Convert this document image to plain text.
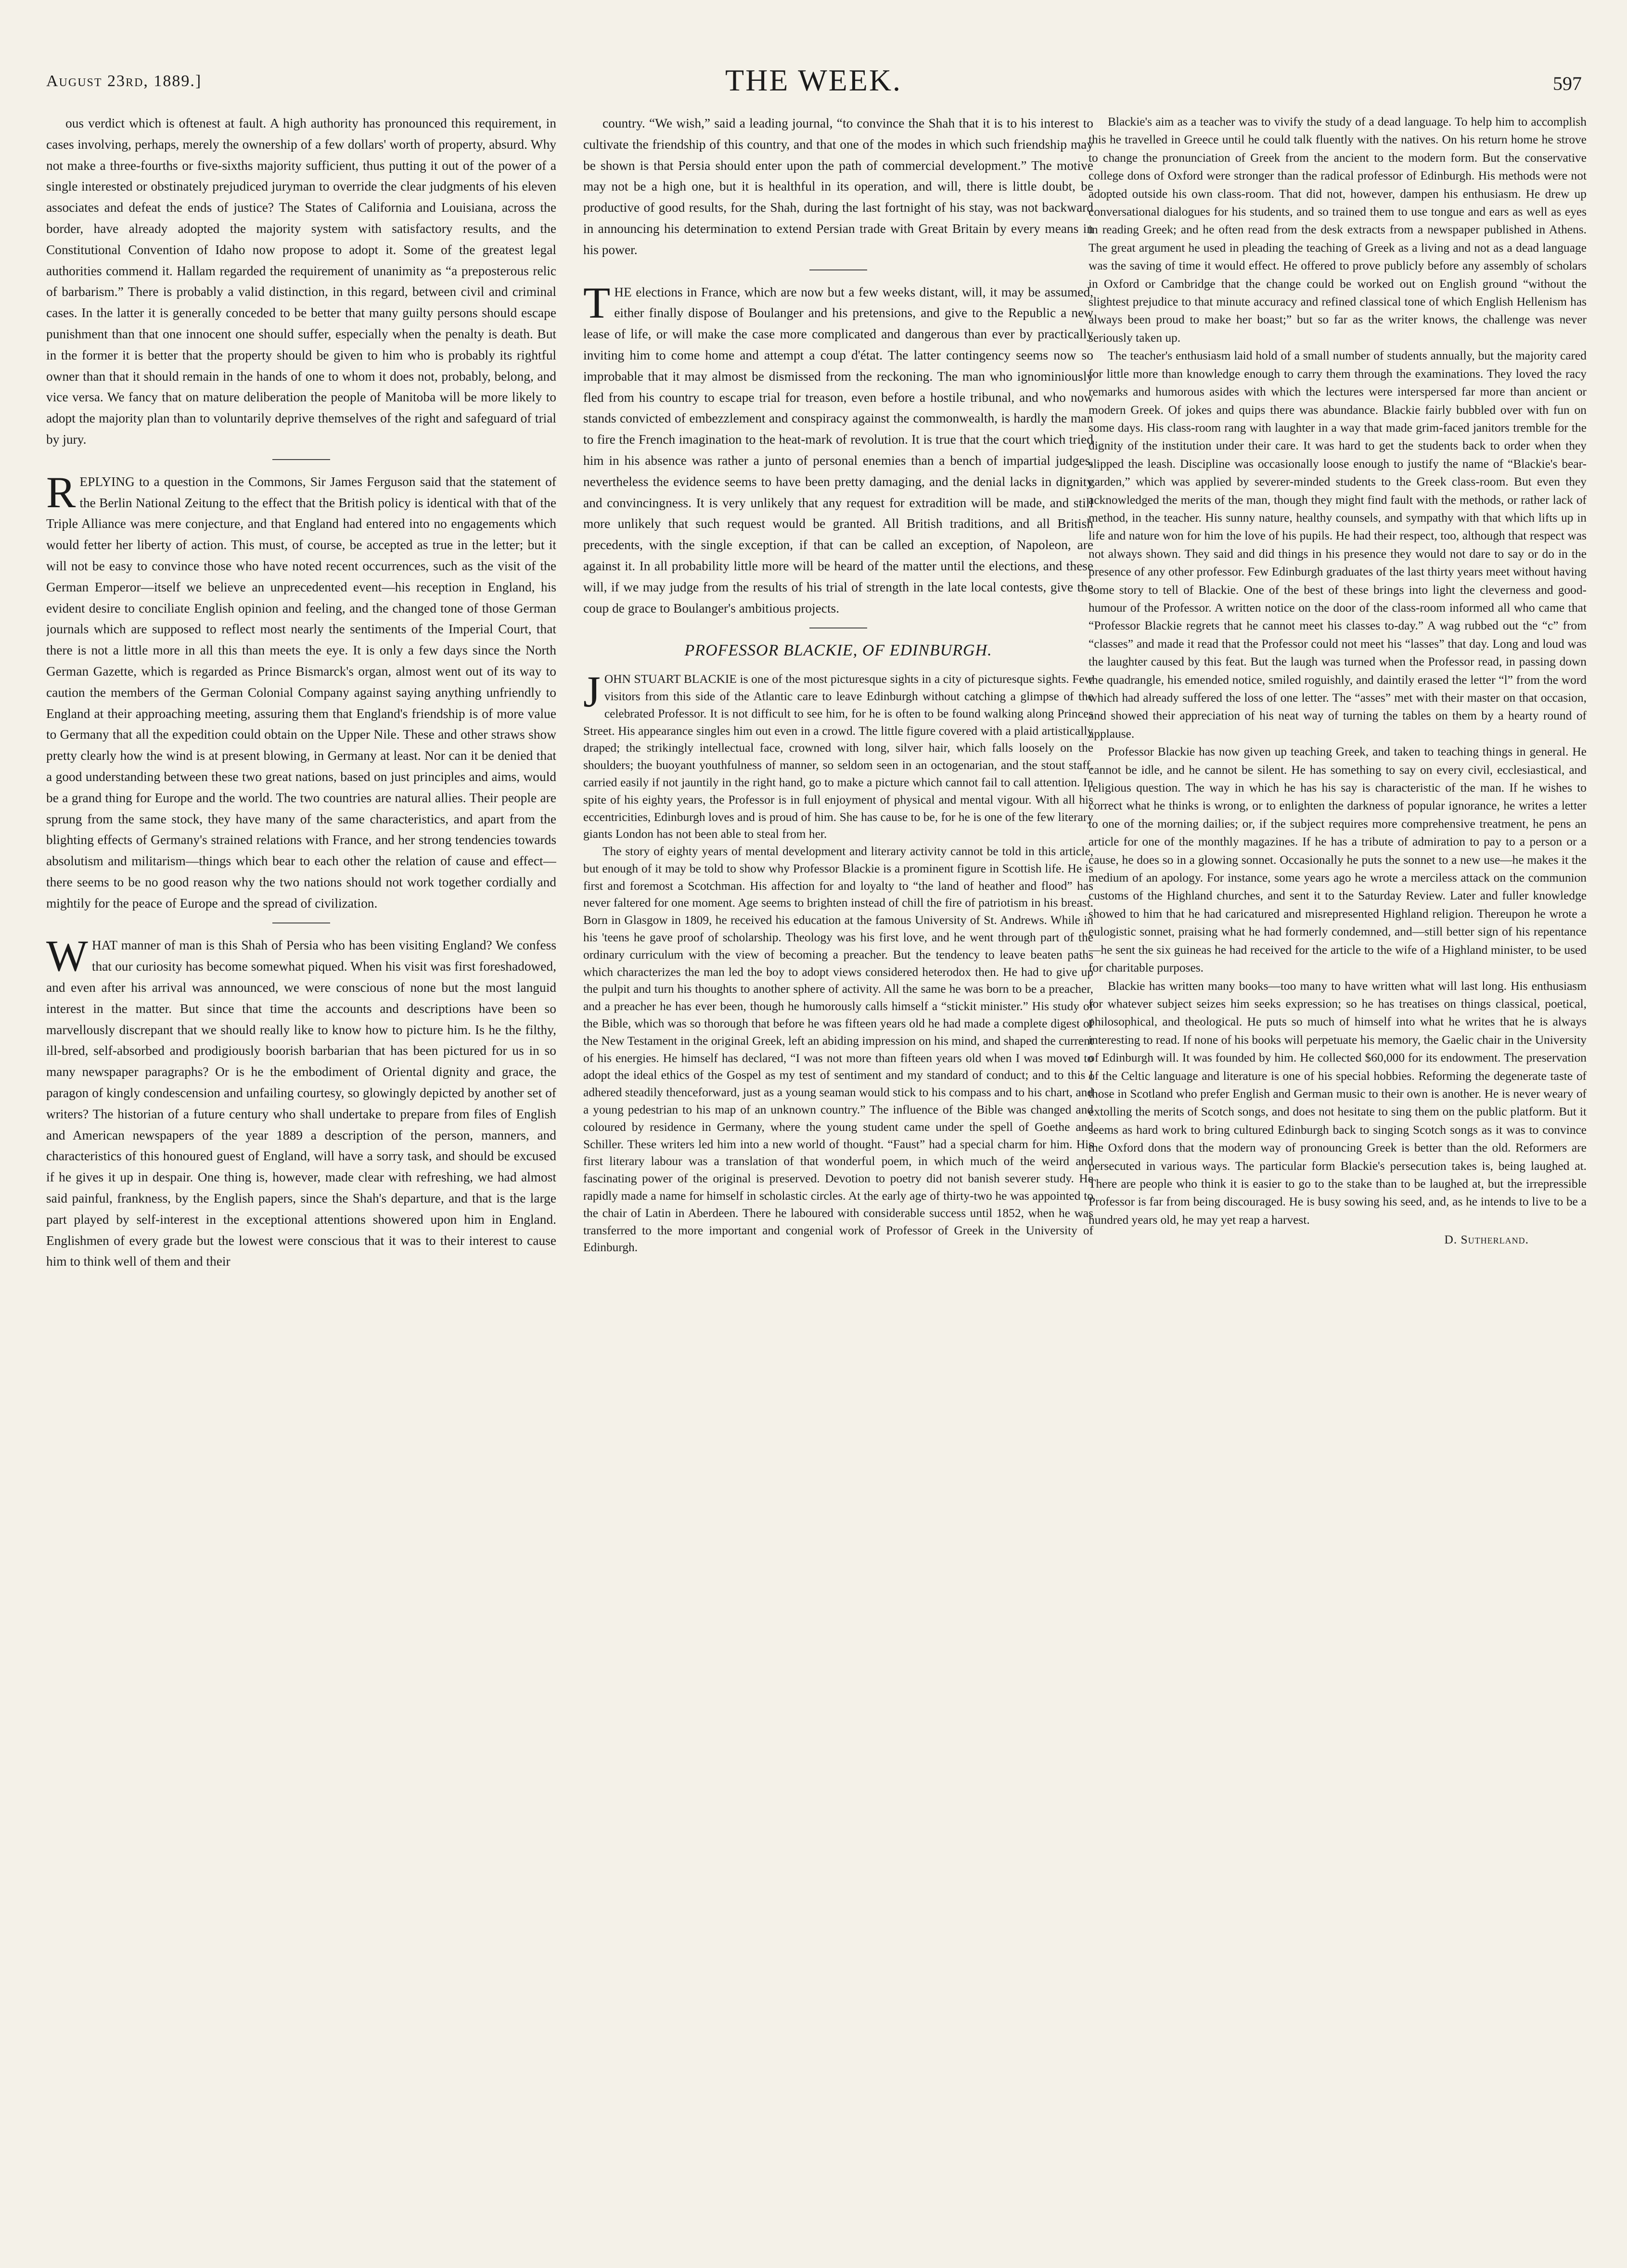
August 23rd, 1889.]	THE WEEK.	597

ous verdict which is oftenest at fault. A high authority has pronounced this requirement, in cases involving, perhaps, merely the ownership of a few dollars' worth of property, absurd. Why not make a three-fourths or five-sixths majority sufficient, thus putting it out of the power of a single interested or obstinately prejudiced juryman to override the clear judgments of his eleven associates and defeat the ends of justice? The States of California and Louisiana, across the border, have already adopted the majority system with satisfactory results, and the Constitutional Convention of Idaho now propose to adopt it. Some of the greatest legal authorities commend it. Hallam regarded the requirement of unanimity as “a preposterous relic of barbarism.” There is probably a valid distinction, in this regard, between civil and criminal cases. In the latter it is generally conceded to be better that many guilty persons should escape punishment than that one innocent one should suffer, especially when the penalty is death. But in the former it is better that the property should be given to him who is probably its rightful owner than that it should remain in the hands of one to whom it does not, probably, belong, and vice versa. We fancy that on mature deliberation the people of Manitoba will be more likely to adopt the majority plan than to voluntarily deprive themselves of the right and safeguard of trial by jury.

REPLYING to a question in the Commons, Sir James Ferguson said that the statement of the Berlin National Zeitung to the effect that the British policy is identical with that of the Triple Alliance was mere conjecture, and that England had entered into no engagements which would fetter her liberty of action. This must, of course, be accepted as true in the letter; but it will not be easy to convince those who have noted recent occurrences, such as the visit of the German Emperor—itself we believe an unprecedented event—his reception in England, his evident desire to conciliate English opinion and feeling, and the changed tone of those German journals which are supposed to reflect most nearly the sentiments of the Imperial Court, that there is not a little more in all this than meets the eye. It is only a few days since the North German Gazette, which is regarded as Prince Bismarck's organ, almost went out of its way to caution the members of the German Colonial Company against saying anything unfriendly to England at their approaching meeting, assuring them that England's friendship is of more value to Germany that all the expedition could obtain on the Upper Nile. These and other straws show pretty clearly how the wind is at present blowing, in Germany at least. Nor can it be denied that a good understanding between these two great nations, based on just principles and aims, would be a grand thing for Europe and the world. The two countries are natural allies. Their people are sprung from the same stock, they have many of the same characteristics, and apart from the blighting effects of Germany's strained relations with France, and her strong tendencies towards absolutism and militarism—things which bear to each other the relation of cause and effect—there seems to be no good reason why the two nations should not work together cordially and mightily for the peace of Europe and the spread of civilization.

WHAT manner of man is this Shah of Persia who has been visiting England? We confess that our curiosity has become somewhat piqued. When his visit was first foreshadowed, and even after his arrival was announced, we were conscious of none but the most languid interest in the matter. But since that time the accounts and descriptions have been so marvellously discrepant that we should really like to know how to picture him. Is he the filthy, ill-bred, self-absorbed and prodigiously boorish barbarian that has been pictured for us in so many newspaper paragraphs? Or is he the embodiment of Oriental dignity and grace, the paragon of kingly condescension and unfailing courtesy, so glowingly depicted by another set of writers? The historian of a future century who shall undertake to prepare from files of English and American newspapers of the year 1889 a description of the person, manners, and characteristics of this honoured guest of England, will have a sorry task, and should be excused if he gives it up in despair. One thing is, however, made clear with refreshing, we had almost said painful, frankness, by the English papers, since the Shah's departure, and that is the large part played by self-interest in the exceptional attentions showered upon him in England. Englishmen of every grade but the lowest were conscious that it was to their interest to cause him to think well of them and their

country. “We wish,” said a leading journal, “to convince the Shah that it is to his interest to cultivate the friendship of this country, and that one of the modes in which such friendship may be shown is that Persia should enter upon the path of commercial development.” The motive may not be a high one, but it is healthful in its operation, and will, there is little doubt, be productive of good results, for the Shah, during the last fortnight of his stay, was not backward in announcing his determination to extend Persian trade with Great Britain by every means in his power.

THE elections in France, which are now but a few weeks distant, will, it may be assumed, either finally dispose of Boulanger and his pretensions, and give to the Republic a new lease of life, or will make the case more complicated and dangerous than ever by practically inviting him to come home and attempt a coup d'état. The latter contingency seems now so improbable that it may almost be dismissed from the reckoning. The man who ignominiously fled from his country to escape trial for treason, even before a hostile tribunal, and who now stands convicted of embezzlement and conspiracy against the commonwealth, is hardly the man to fire the French imagination to the heat-mark of revolution. It is true that the court which tried him in his absence was rather a junto of personal enemies than a bench of impartial judges, nevertheless the evidence seems to have been pretty damaging, and the denial lacks in dignity and convincingness. It is very unlikely that any request for extradition will be made, and still more unlikely that such request would be granted. All British traditions, and all British precedents, with the single exception, if that can be called an exception, of Napoleon, are against it. In all probability little more will be heard of the matter until the elections, and these will, if we may judge from the results of his trial of strength in the late local contests, give the coup de grace to Boulanger's ambitious projects.

PROFESSOR BLACKIE, OF EDINBURGH.

JOHN STUART BLACKIE is one of the most picturesque sights in a city of picturesque sights. Few visitors from this side of the Atlantic care to leave Edinburgh without catching a glimpse of the celebrated Professor. It is not difficult to see him, for he is often to be found walking along Princes Street. His appearance singles him out even in a crowd. The little figure covered with a plaid artistically draped; the strikingly intellectual face, crowned with long, silver hair, which falls loosely on the shoulders; the buoyant youthfulness of manner, so seldom seen in an octogenarian, and the stout staff, carried easily if not jauntily in the right hand, go to make a picture which cannot fail to call attention. In spite of his eighty years, the Professor is in full enjoyment of physical and mental vigour. With all his eccentricities, Edinburgh loves and is proud of him. She has cause to be, for he is one of the few literary giants London has not been able to steal from her.

The story of eighty years of mental development and literary activity cannot be told in this article, but enough of it may be told to show why Professor Blackie is a prominent figure in Scottish life. He is first and foremost a Scotchman. His affection for and loyalty to “the land of heather and flood” has never faltered for one moment. Age seems to brighten instead of chill the fire of patriotism in his breast. Born in Glasgow in 1809, he received his education at the famous University of St. Andrews. While in his 'teens he gave proof of scholarship. Theology was his first love, and he went through part of the ordinary curriculum with the view of becoming a preacher. But the tendency to leave beaten paths which characterizes the man led the boy to adopt views considered heterodox then. He had to give up the pulpit and turn his thoughts to another sphere of activity. All the same he was born to be a preacher, and a preacher he has ever been, though he humorously calls himself a “stickit minister.” His study of the Bible, which was so thorough that before he was fifteen years old he had made a complete digest of the New Testament in the original Greek, left an abiding impression on his mind, and shaped the current of his energies. He himself has declared, “I was not more than fifteen years old when I was moved to adopt the ideal ethics of the Gospel as my test of sentiment and my standard of conduct; and to this I adhered steadily thenceforward, just as a young seaman would stick to his compass and to his chart, and a young pedestrian to his map of an unknown country.” The influence of the Bible was changed and coloured by residence in Germany, where the young student came under the spell of Goethe and Schiller. These writers led him into a new world of thought. “Faust” had a special charm for him. His first literary labour was a translation of that wonderful poem, in which much of the weird and fascinating power of the original is preserved. Devotion to poetry did not banish severer study. He rapidly made a name for himself in scholastic circles. At the early age of thirty-two he was appointed to the chair of Latin in Aberdeen. There he laboured with considerable success until 1852, when he was transferred to the more important and congenial work of Professor of Greek in the University of Edinburgh.

Blackie's aim as a teacher was to vivify the study of a dead language. To help him to accomplish this he travelled in Greece until he could talk fluently with the natives. On his return home he strove to change the pronunciation of Greek from the ancient to the modern form. But the conservative college dons of Oxford were stronger than the radical professor of Edinburgh. His methods were not adopted outside his own class-room. That did not, however, dampen his enthusiasm. He drew up conversational dialogues for his students, and so trained them to use tongue and ears as well as eyes in reading Greek; and he often read from the desk extracts from a newspaper published in Athens. The great argument he used in pleading the teaching of Greek as a living and not as a dead language was the saving of time it would effect. He offered to prove publicly before any assembly of scholars in Oxford or Cambridge that the change could be worked out on English ground “without the slightest prejudice to that minute accuracy and refined classical tone of which English Hellenism has always been proud to make her boast;” but so far as the writer knows, the challenge was never seriously taken up.

The teacher's enthusiasm laid hold of a small number of students annually, but the majority cared for little more than knowledge enough to carry them through the examinations. They loved the racy remarks and humorous asides with which the lectures were interspersed far more than ancient or modern Greek. Of jokes and quips there was abundance. Blackie fairly bubbled over with fun on some days. His class-room rang with laughter in a way that made grim-faced janitors tremble for the dignity of the institution under their care. It was hard to get the students back to order when they slipped the leash. Discipline was occasionally loose enough to justify the name of “Blackie's bear-garden,” which was applied by severer-minded students to the Greek class-room. But even they acknowledged the merits of the man, though they might find fault with the methods, or rather lack of method, in the teacher. His sunny nature, healthy counsels, and sympathy with that which lifts up in life and nature won for him the love of his pupils. He had their respect, too, although that respect was not always shown. They said and did things in his presence they would not dare to say or do in the presence of any other professor. Few Edinburgh graduates of the last thirty years meet without having some story to tell of Blackie. One of the best of these brings into light the cleverness and good-humour of the Professor. A written notice on the door of the class-room informed all who came that “Professor Blackie regrets that he cannot meet his classes to-day.” A wag rubbed out the “c” from “classes” and made it read that the Professor could not meet his “lasses” that day. Long and loud was the laughter caused by this feat. But the laugh was turned when the Professor read, in passing down the quadrangle, his emended notice, smiled roguishly, and daintily erased the letter “l” from the word which had already suffered the loss of one letter. The “asses” met with their master on that occasion, and showed their appreciation of his neat way of turning the tables on them by a hearty round of applause.

Professor Blackie has now given up teaching Greek, and taken to teaching things in general. He cannot be idle, and he cannot be silent. He has something to say on every civil, ecclesiastical, and religious question. The way in which he has his say is characteristic of the man. If he wishes to correct what he thinks is wrong, or to enlighten the darkness of popular ignorance, he writes a letter to one of the morning dailies; or, if the subject requires more comprehensive treatment, he pens an article for one of the monthly magazines. If he has a tribute of admiration to pay to a person or a cause, he does so in a glowing sonnet. Occasionally he puts the sonnet to a new use—he makes it the medium of an apology. For instance, some years ago he wrote a merciless attack on the communion customs of the Highland churches, and sent it to the Saturday Review. Later and fuller knowledge showed to him that he had caricatured and misrepresented Highland religion. Thereupon he wrote a eulogistic sonnet, praising what he had formerly condemned, and—still better sign of his repentance—he sent the six guineas he had received for the article to the wife of a Highland minister, to be used for charitable purposes.

Blackie has written many books—too many to have written what will last long. His enthusiasm for whatever subject seizes him seeks expression; so he has treatises on things classical, poetical, philosophical, and theological. He puts so much of himself into what he writes that he is always interesting to read. If none of his books will perpetuate his memory, the Gaelic chair in the University of Edinburgh will. It was founded by him. He collected $60,000 for its endowment. The preservation of the Celtic language and literature is one of his special hobbies. Reforming the degenerate taste of those in Scotland who prefer English and German music to their own is another. He is never weary of extolling the merits of Scotch songs, and does not hesitate to sing them on the public platform. But it seems as hard work to bring cultured Edinburgh back to singing Scotch songs as it was to convince the Oxford dons that the modern way of pronouncing Greek is better than the old. Reformers are persecuted in various ways. The particular form Blackie's persecution takes is, being laughed at. There are people who think it is easier to go to the stake than to be laughed at, but the irrepressible Professor is far from being discouraged. He is busy sowing his seed, and, as he intends to live to be a hundred years old, he may yet reap a harvest.

D. Sutherland.
